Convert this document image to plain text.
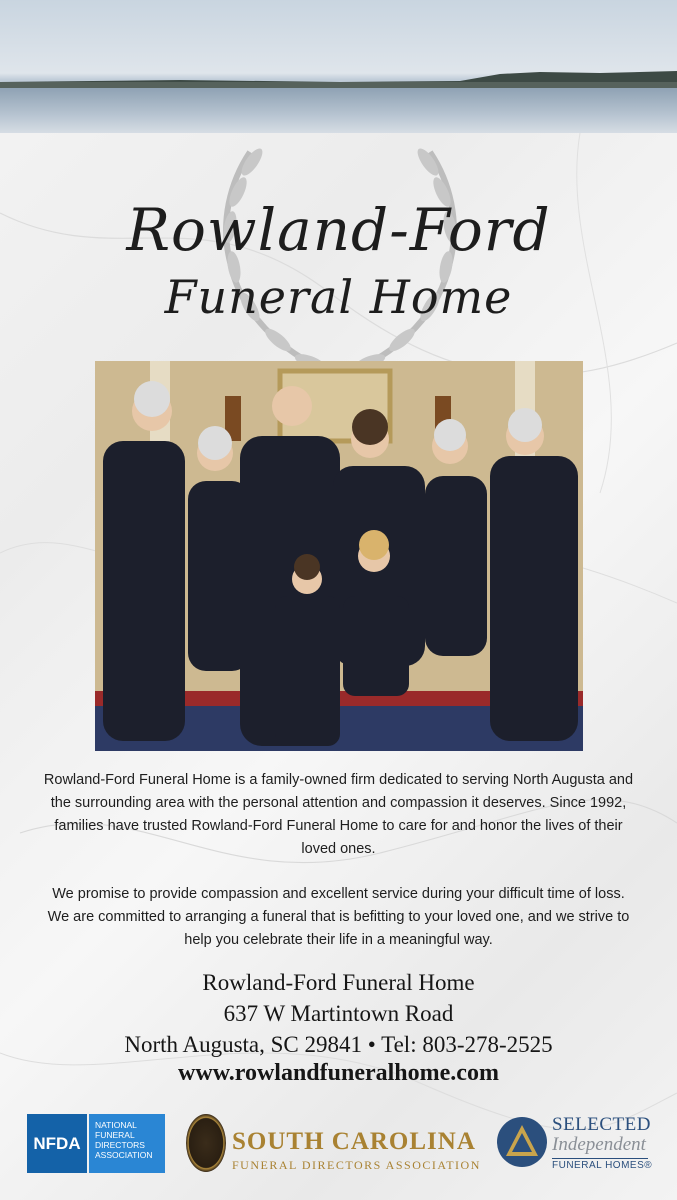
Rowland-Ford
Funeral Home

Rowland-Ford Funeral Home is a family-owned firm dedicated to serving North Augusta and the surrounding area with the personal attention and compassion it deserves. Since 1992, families have trusted Rowland-Ford Funeral Home to care for and honor the lives of their loved ones.

We promise to provide compassion and excellent service during your difficult time of loss. We are committed to arranging a funeral that is befitting to your loved one, and we strive to help you celebrate their life in a meaningful way.

Rowland-Ford Funeral Home
637 W Martintown Road
North Augusta, SC 29841 • Tel: 803-278-2525
www.rowlandfuneralhome.com
NFDA
NATIONAL FUNERAL DIRECTORS ASSOCIATION	SOUTH CAROLINA
FUNERAL DIRECTORS ASSOCIATION
SELECTED
Independent
FUNERAL HOMES®
